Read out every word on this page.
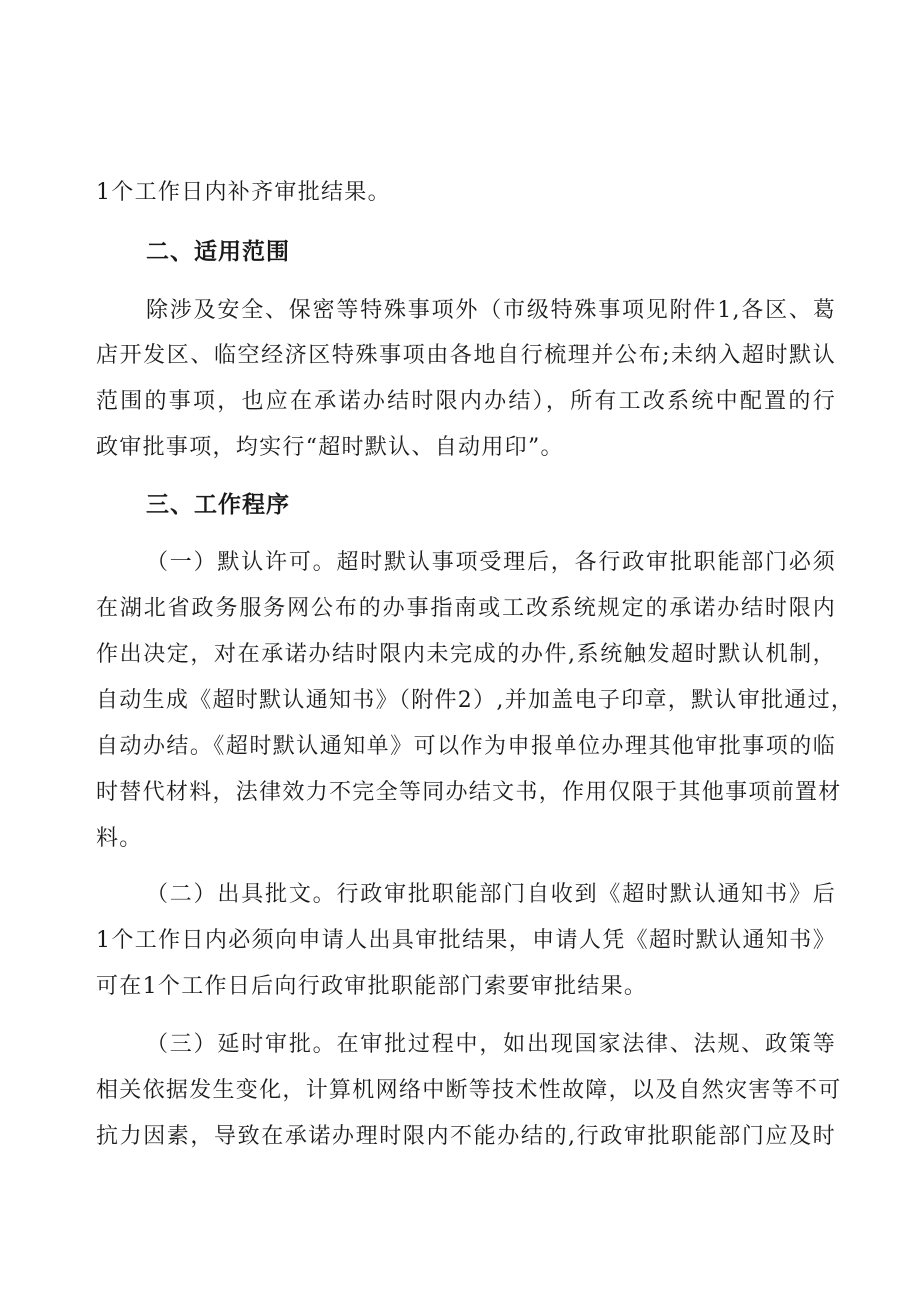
1个工作日内补齐审批结果。
二、适用范围
除涉及安全、保密等特殊事项外（市级特殊事项见附件1,各区、葛
店开发区、临空经济区特殊事项由各地自行梳理并公布;未纳入超时默认
范围的事项，也应在承诺办结时限内办结），所有工改系统中配置的行
政审批事项，均实行“超时默认、自动用印”。
三、工作程序
（一）默认许可。超时默认事项受理后，各行政审批职能部门必须
在湖北省政务服务网公布的办事指南或工改系统规定的承诺办结时限内
作出决定，对在承诺办结时限内未完成的办件,系统触发超时默认机制，
自动生成《超时默认通知书》（附件2）,并加盖电子印章，默认审批通过，
自动办结。《超时默认通知单》可以作为申报单位办理其他审批事项的临
时替代材料，法律效力不完全等同办结文书，作用仅限于其他事项前置材
料。
（二）出具批文。行政审批职能部门自收到《超时默认通知书》后
1个工作日内必须向申请人出具审批结果，申请人凭《超时默认通知书》
可在1个工作日后向行政审批职能部门索要审批结果。
（三）延时审批。在审批过程中，如出现国家法律、法规、政策等
相关依据发生变化，计算机网络中断等技术性故障，以及自然灾害等不可
抗力因素，导致在承诺办理时限内不能办结的,行政审批职能部门应及时
